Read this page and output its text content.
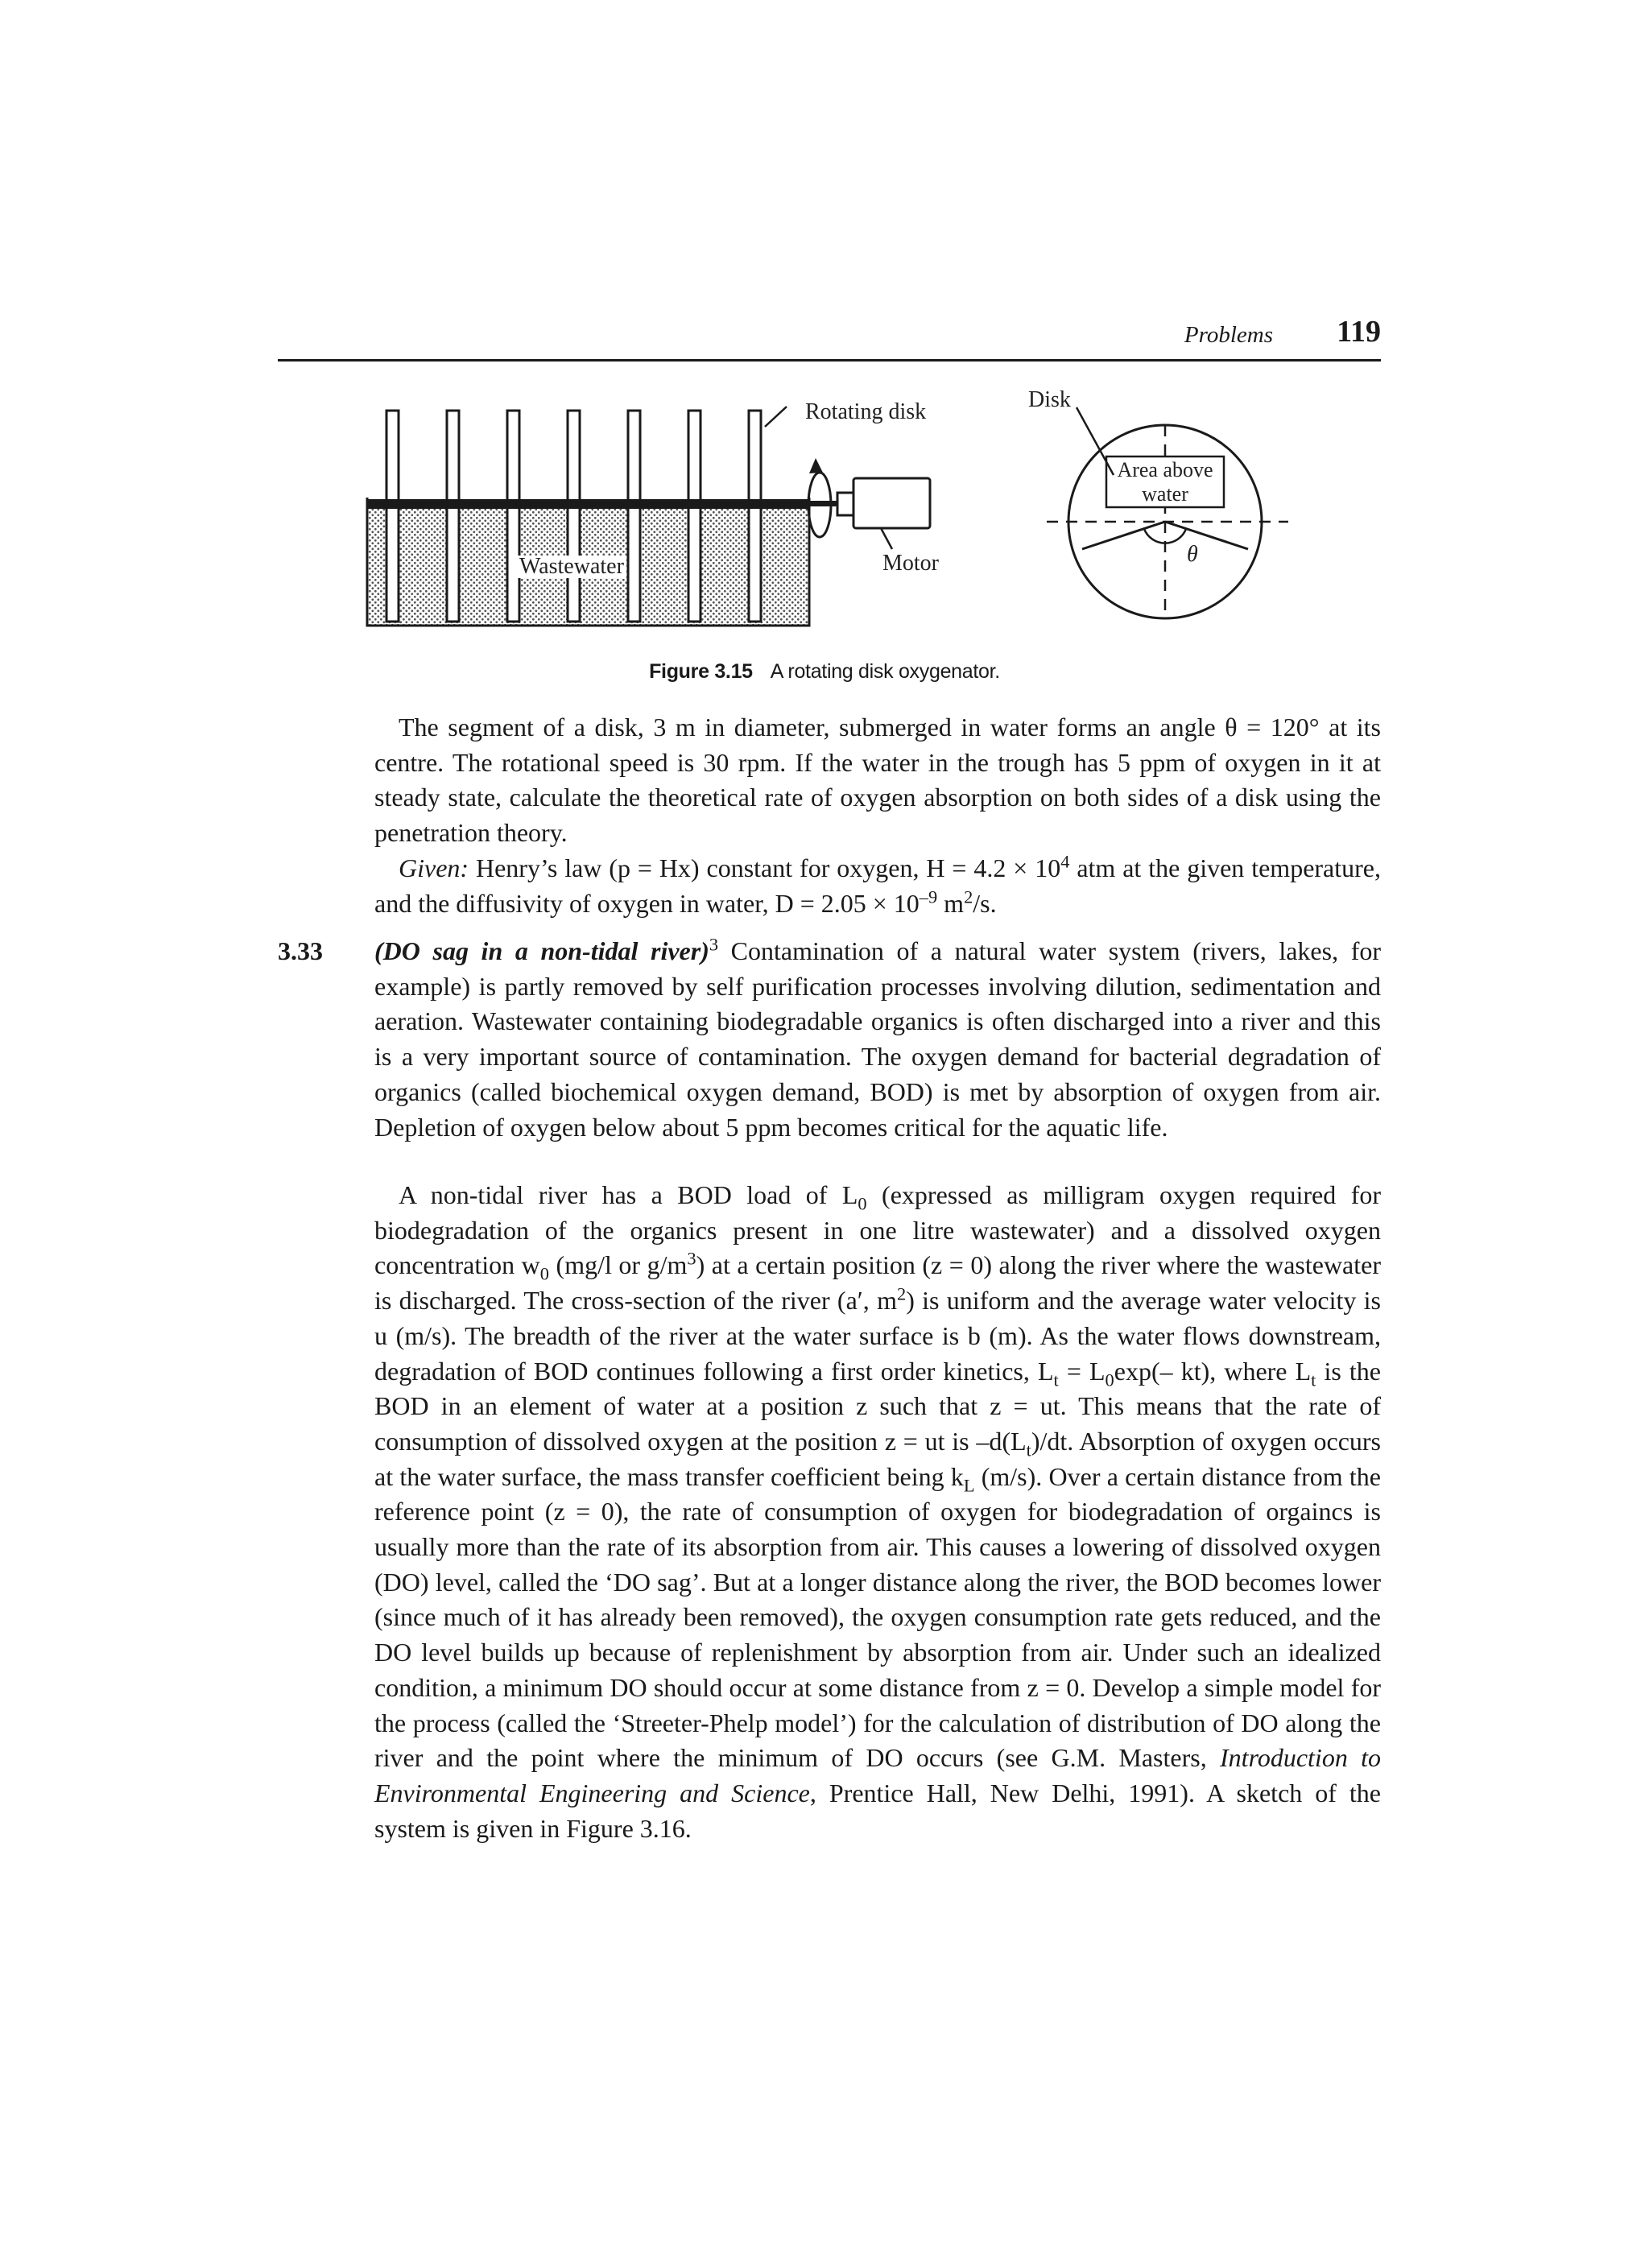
Problems 119
Rotating disk
Motor
Wastewater
Disk
Area above
water
θ
Figure 3.15 A rotating disk oxygenator.

The segment of a disk, 3 m in diameter, submerged in water forms an angle θ = 120° at its centre. The rotational speed is 30 rpm. If the water in the trough has 5 ppm of oxygen in it at steady state, calculate the theoretical rate of oxygen absorption on both sides of a disk using the penetration theory.

Given: Henry’s law (p = Hx) constant for oxygen, $H = 4.2 \times 10^4$ atm at the given temperature, and the diffusivity of oxygen in water, $D = 2.05 \times 10^{-9}$ $m^2/s$.

3.33 (DO sag in a non-tidal river)$^3$ Contamination of a natural water system (rivers, lakes, for example) is partly removed by self purification processes involving dilution, sedimentation and aeration. Wastewater containing biodegradable organics is often discharged into a river and this is a very important source of contamination. The oxygen demand for bacterial degradation of organics (called biochemical oxygen demand, BOD) is met by absorption of oxygen from air. Depletion of oxygen below about 5 ppm becomes critical for the aquatic life.

A non-tidal river has a BOD load of $L_0$ (expressed as milligram oxygen required for biodegradation of the organics present in one litre wastewater) and a dissolved oxygen concentration $w_0$ (mg/l or $g/m^3$) at a certain position (z = 0) along the river where the wastewater is discharged. The cross-section of the river (a′, $m^2$) is uniform and the average water velocity is u (m/s). The breadth of the river at the water surface is b (m). As the water flows downstream, degradation of BOD continues following a first order kinetics, $L_t = L_0\exp(-$ kt), where $L_t$ is the BOD in an element of water at a position z such that z = ut. This means that the rate of consumption of dissolved oxygen at the position z = ut is $-d(L_t)/dt$. Absorption of oxygen occurs at the water surface, the mass transfer coefficient being $k_L$ (m/s). Over a certain distance from the reference point (z = 0), the rate of consumption of oxygen for biodegradation of orgaincs is usually more than the rate of its absorption from air. This causes a lowering of dissolved oxygen (DO) level, called the ‘DO sag’. But at a longer distance along the river, the BOD becomes lower (since much of it has already been removed), the oxygen consumption rate gets reduced, and the DO level builds up because of replenishment by absorption from air. Under such an idealized condition, a minimum DO should occur at some distance from z = 0. Develop a simple model for the process (called the ‘Streeter-Phelp model’) for the calculation of distribution of DO along the river and the point where the minimum of DO occurs (see G.M. Masters, Introduction to Environmental Engineering and Science, Prentice Hall, New Delhi, 1991). A sketch of the system is given in Figure 3.16.
